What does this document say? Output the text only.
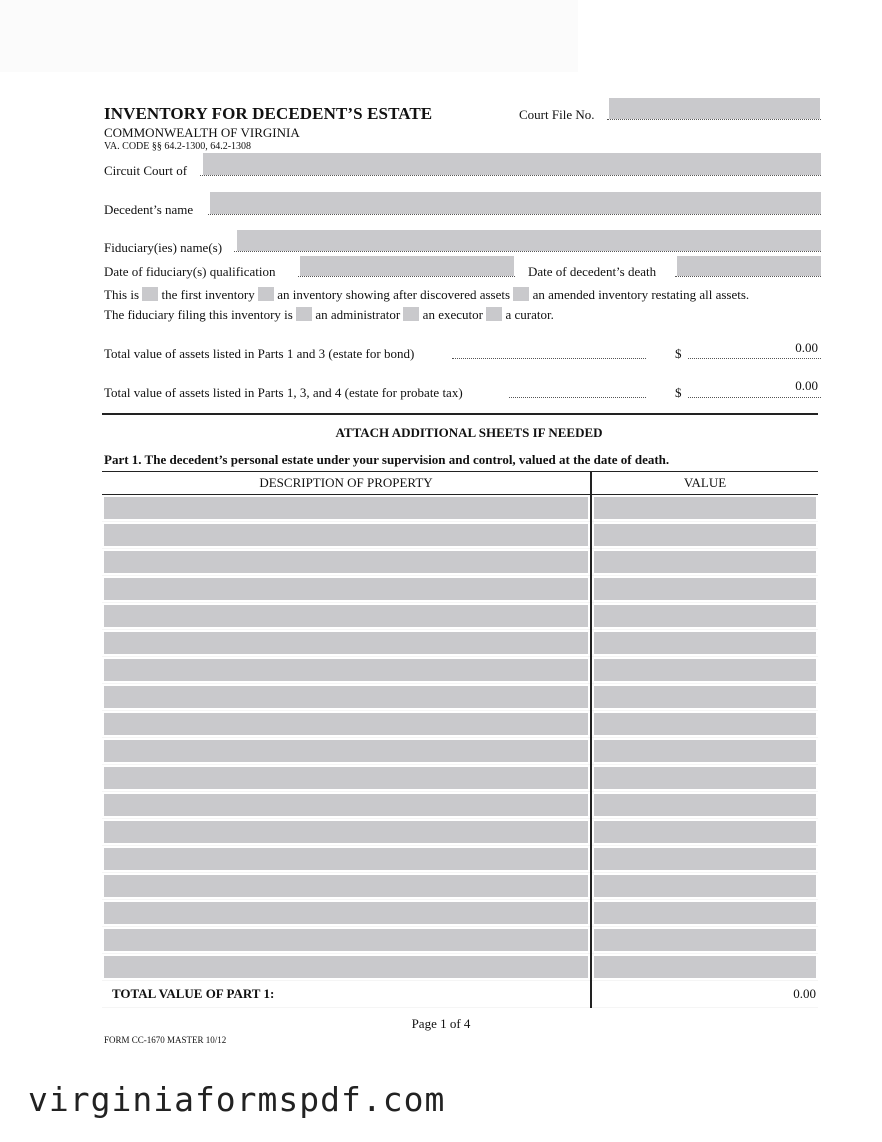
INVENTORY FOR DECEDENT’S ESTATE
COMMONWEALTH OF VIRGINIA
VA. CODE §§ 64.2-1300, 64.2-1308
Court File No.
Circuit Court of
Decedent’s name
Fiduciary(ies) name(s)
Date of fiduciary(s) qualification	Date of decedent’s death
This is the first inventory an inventory showing after discovered assets an amended inventory restating all assets.
The fiduciary filing this inventory is an administrator an executor a curator.
Total value of assets listed in Parts 1 and 3 (estate for bond)	$	0.00
Total value of assets listed in Parts 1, 3, and 4 (estate for probate tax)	$	0.00
ATTACH ADDITIONAL SHEETS IF NEEDED
Part 1. The decedent’s personal estate under your supervision and control, valued at the date of death.
DESCRIPTION OF PROPERTY	VALUE

TOTAL VALUE OF PART 1:	0.00
Page 1 of 4
FORM CC-1670 MASTER 10/12
virginiaformspdf.com
